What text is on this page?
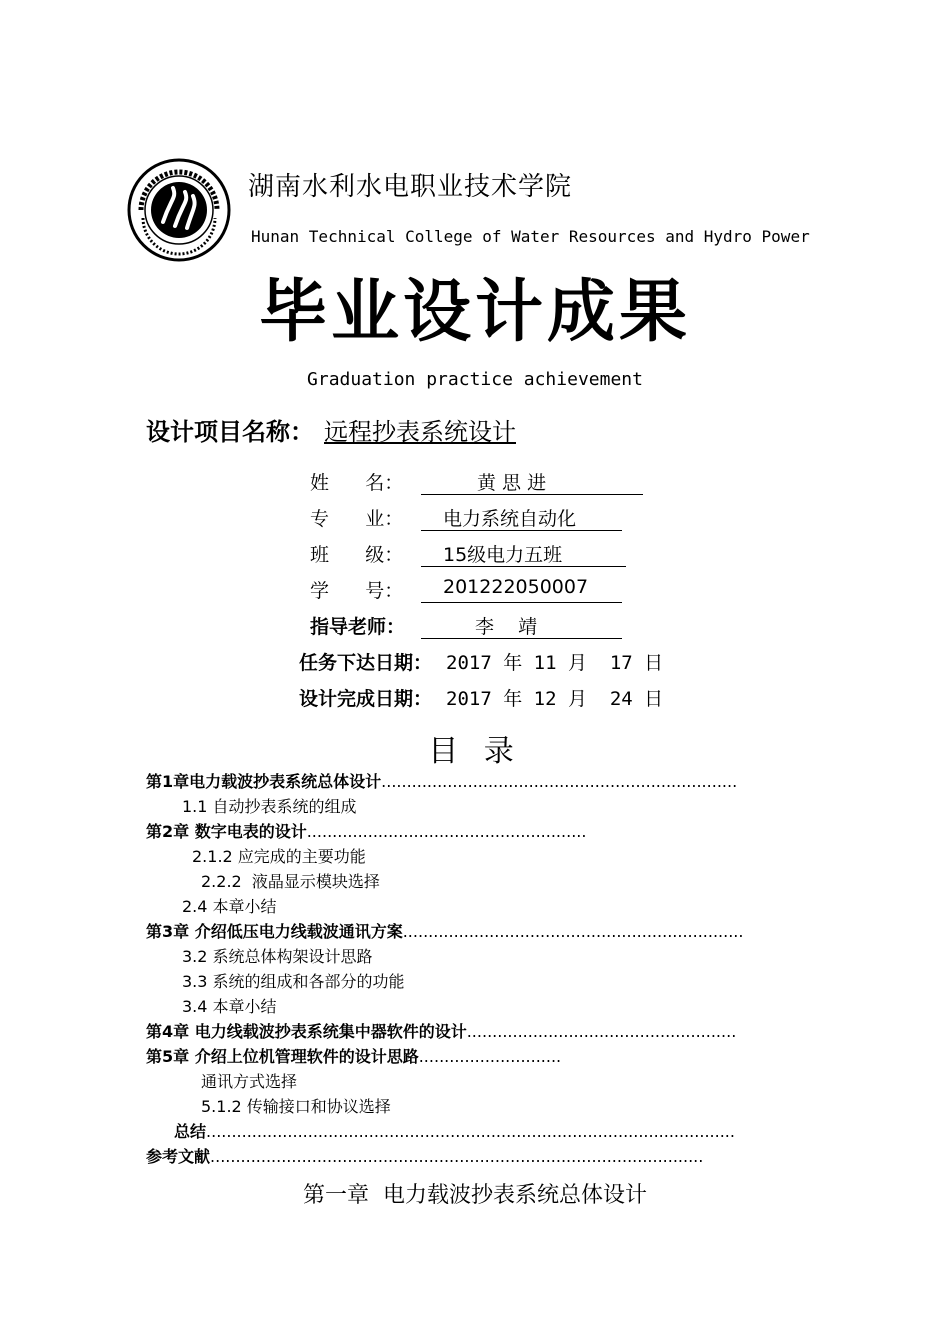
湖南水利水电职业技术学院
Hunan Technical College of Water Resources and Hydro Power
毕业设计成果
Graduation practice achievement
设计项目名称： 远程抄表系统设计
姓      名：	黄 思 进
专      业：	电力系统自动化
班      级：	15级电力五班
学      号：	201222050007
指导老师：	李    靖
任务下达日期： 2017 年 11 月  17 日
设计完成日期： 2017 年 12 月  24 日
目 录
第1章电力载波抄表系统总体设计......................................................................
1.1 自动抄表系统的组成
第2章 数字电表的设计.......................................................
2.1.2 应完成的主要功能
2.2.2  液晶显示模块选择
2.4 本章小结
第3章 介绍低压电力线载波通讯方案...................................................................
3.2 系统总体构架设计思路
3.3 系统的组成和各部分的功能
3.4 本章小结
第4章 电力线载波抄表系统集中器软件的设计.....................................................
第5章 介绍上位机管理软件的设计思路............................
通讯方式选择
5.1.2 传输接口和协议选择
总结........................................................................................................
参考文献.................................................................................................
第一章  电力载波抄表系统总体设计
